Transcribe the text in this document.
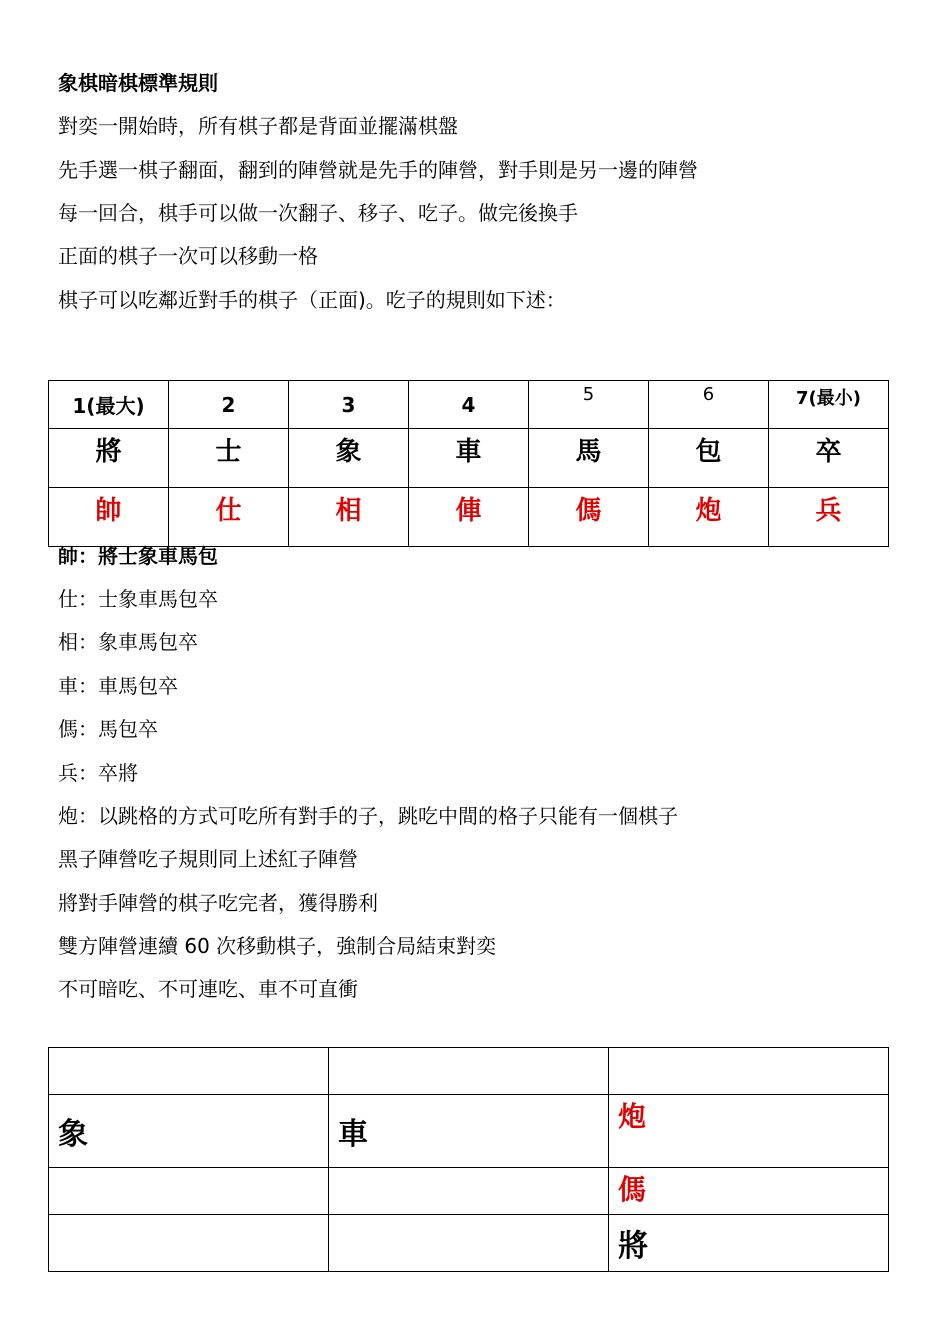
象棋暗棋標準規則
對奕一開始時，所有棋子都是背面並擺滿棋盤
先手選一棋子翻面，翻到的陣營就是先手的陣營，對手則是另一邊的陣營
每一回合，棋手可以做一次翻子、移子、吃子。做完後換手
正面的棋子一次可以移動一格
棋子可以吃鄰近對手的棋子（正面)。吃子的規則如下述：
1(最大)	2	3	4	5	6	7(最小)
將	士	象	車	馬	包	卒
帥	仕	相	俥	傌	炮	兵
帥：將士象車馬包
仕：士象車馬包卒
相：象車馬包卒
車：車馬包卒
傌：馬包卒
兵：卒將
炮：以跳格的方式可吃所有對手的子，跳吃中間的格子只能有一個棋子
黑子陣營吃子規則同上述紅子陣營
將對手陣營的棋子吃完者，獲得勝利
雙方陣營連續 60 次移動棋子，強制合局結束對奕
不可暗吃、不可連吃、車不可直衝

象	車	炮
		傌
		將
